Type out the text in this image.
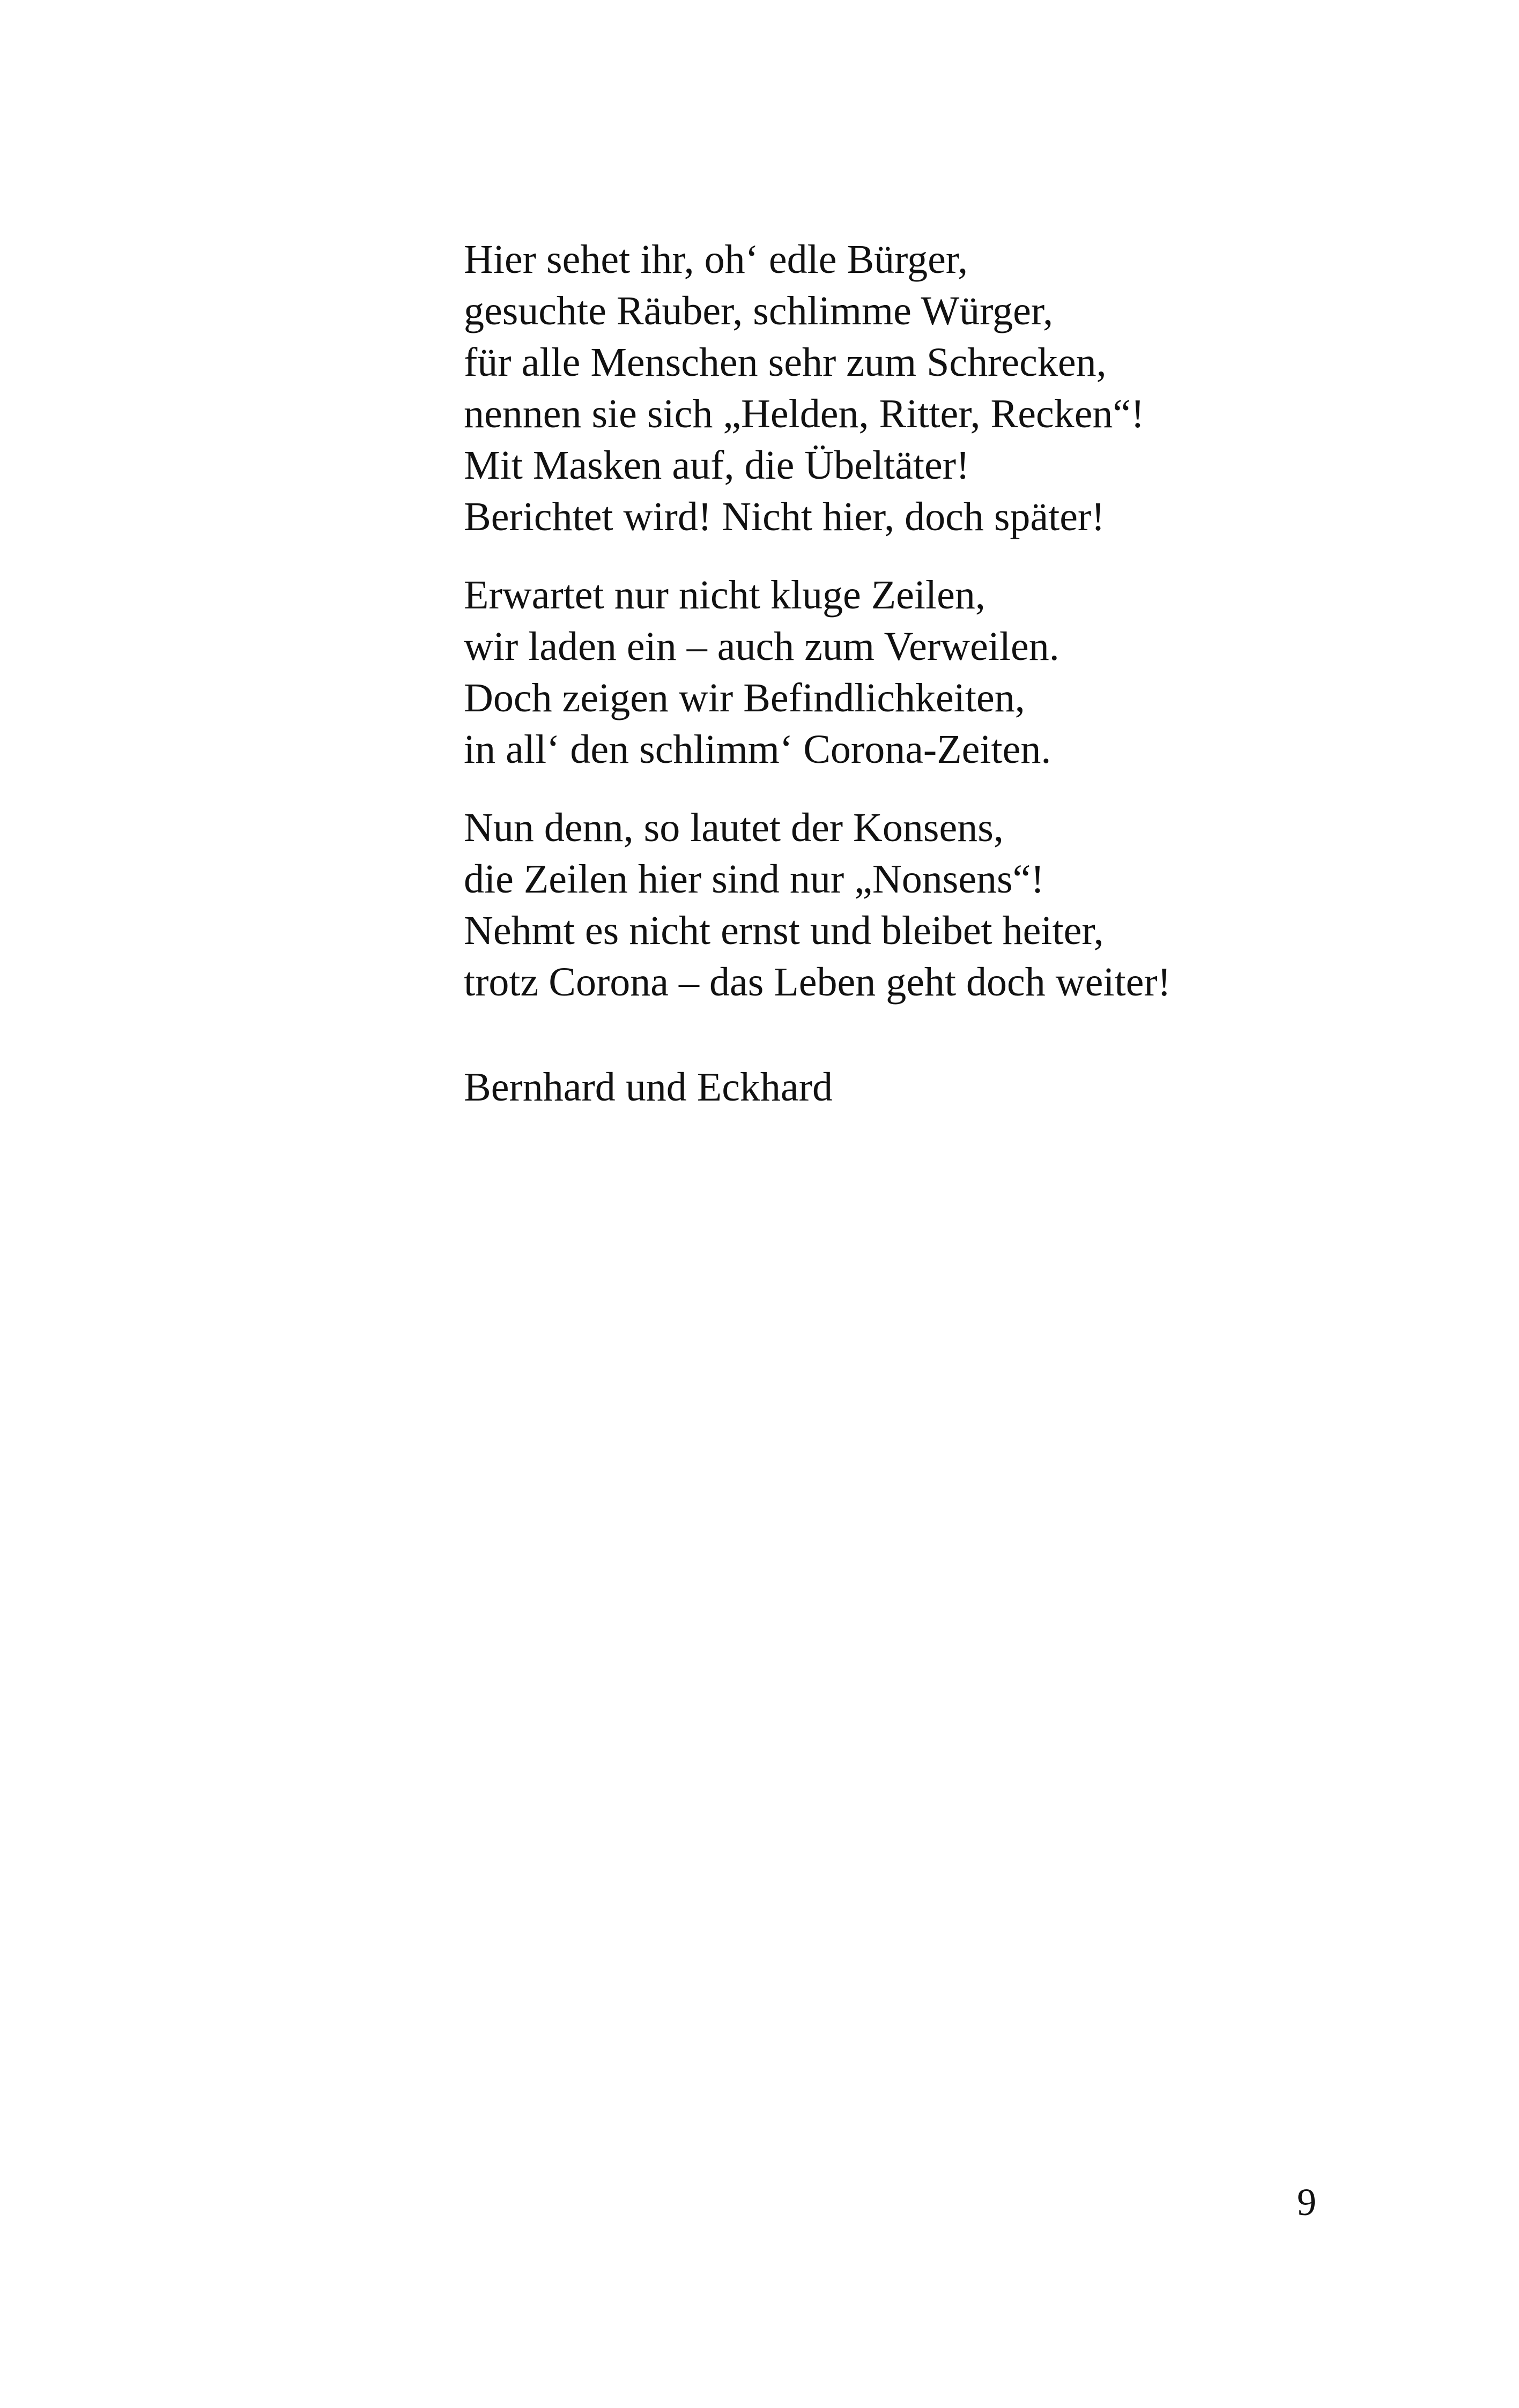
Hier sehet ihr, oh‘ edle Bürger,
gesuchte Räuber, schlimme Würger,
für alle Menschen sehr zum Schrecken,
nennen sie sich „Helden, Ritter, Recken“!
Mit Masken auf, die Übeltäter!
Berichtet wird! Nicht hier, doch später!
Erwartet nur nicht kluge Zeilen,
wir laden ein – auch zum Verweilen.
Doch zeigen wir Befindlichkeiten,
in all‘ den schlimm‘ Corona-Zeiten.
Nun denn, so lautet der Konsens,
die Zeilen hier sind nur „Nonsens“!
Nehmt es nicht ernst und bleibet heiter,
trotz Corona – das Leben geht doch weiter!
Bernhard und Eckhard
9
